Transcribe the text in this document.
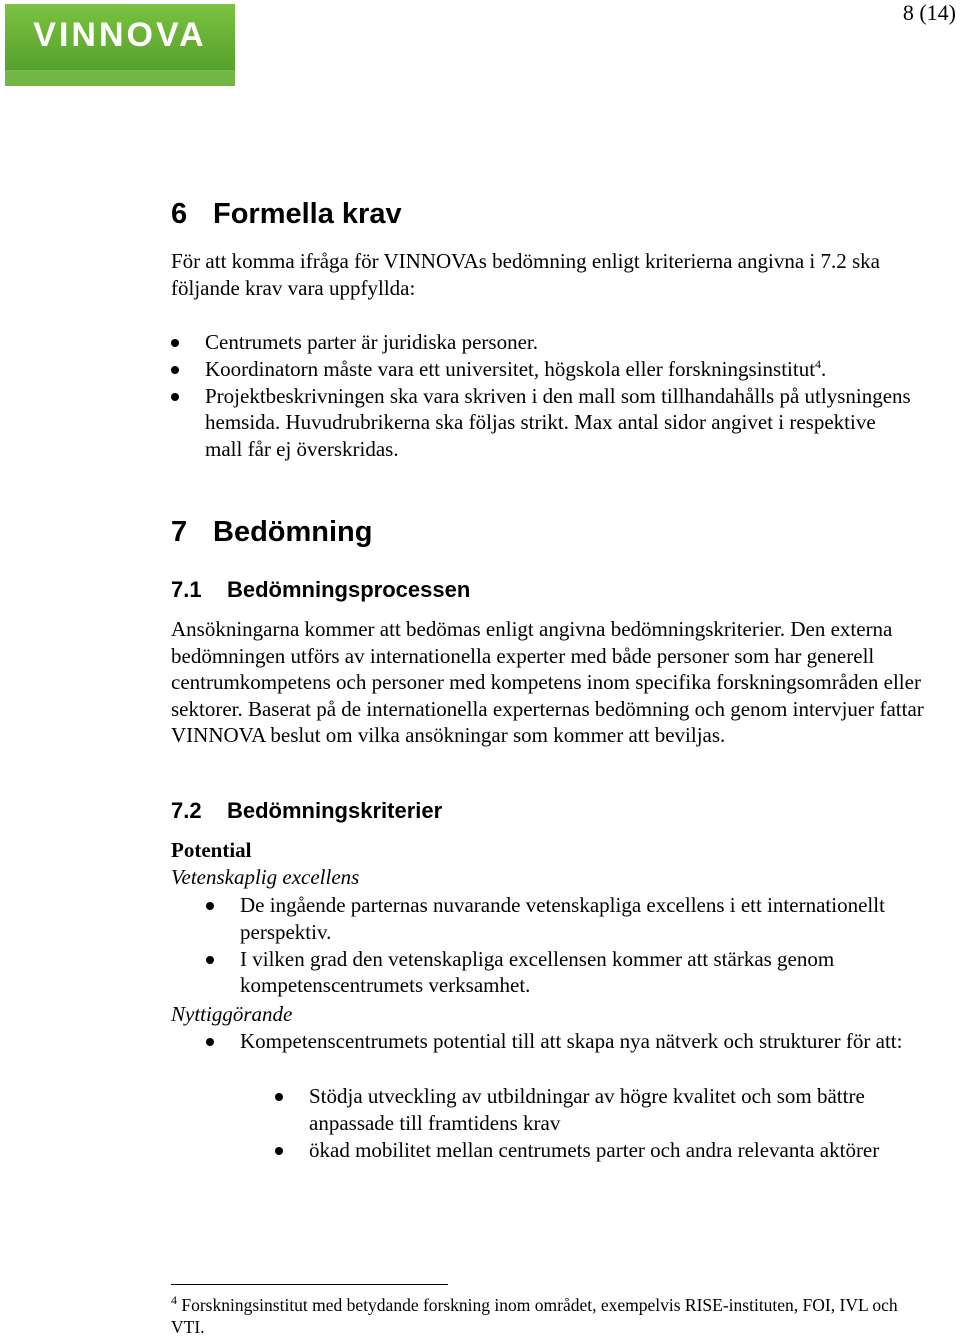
VINNOVA
8 (14)
6 Formella krav

För att komma ifråga för VINNOVAs bedömning enligt kriterierna angivna i 7.2 ska följande krav vara uppfyllda:

Centrumets parter är juridiska personer.
Koordinatorn måste vara ett universitet, högskola eller forskningsinstitut$^4$.
Projektbeskrivningen ska vara skriven i den mall som tillhandahålls på utlysningens hemsida. Huvudrubrikerna ska följas strikt. Max antal sidor angivet i respektive mall får ej överskridas.
7 Bedömning
7.1 Bedömningsprocessen

Ansökningarna kommer att bedömas enligt angivna bedömningskriterier. Den externa bedömningen utförs av internationella experter med både personer som har generell centrumkompetens och personer med kompetens inom specifika forskningsområden eller sektorer. Baserat på de internationella experternas bedömning och genom intervjuer fattar VINNOVA beslut om vilka ansökningar som kommer att beviljas.

7.2 Bedömningskriterier
Potential
Vetenskaplig excellens
De ingående parternas nuvarande vetenskapliga excellens i ett internationellt perspektiv.
I vilken grad den vetenskapliga excellensen kommer att stärkas genom kompetenscentrumets verksamhet.
Nyttiggörande
Kompetenscentrumets potential till att skapa nya nätverk och strukturer för att:
Stödja utveckling av utbildningar av högre kvalitet och som bättre anpassade till framtidens krav
ökad mobilitet mellan centrumets parter och andra relevanta aktörer
$^4$ Forskningsinstitut med betydande forskning inom området, exempelvis RISE-instituten, FOI, IVL och VTI.
